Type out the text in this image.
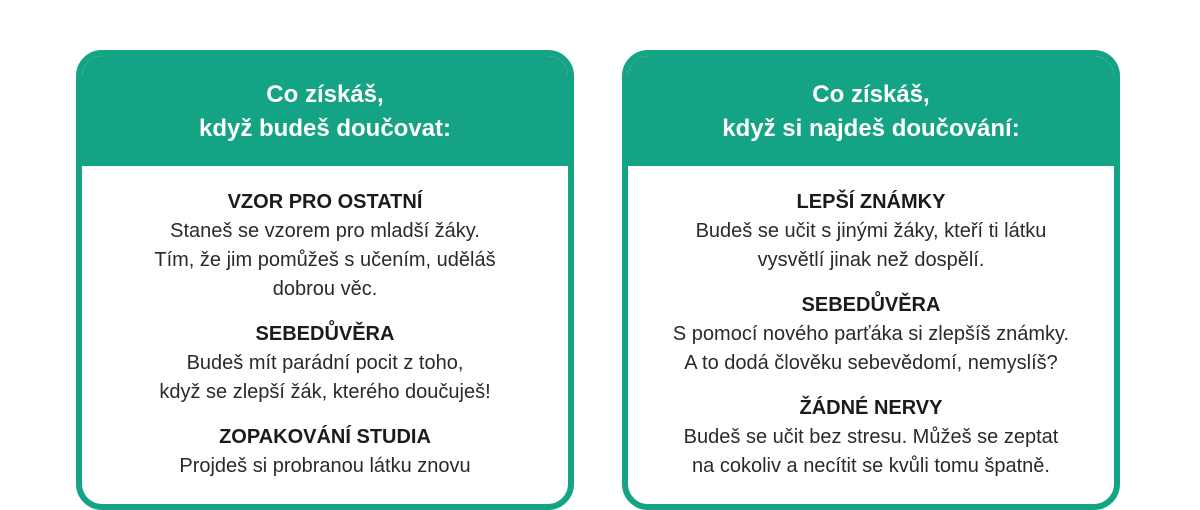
Co získáš,
když budeš doučovat:
VZOR PRO OSTATNÍ
Staneš se vzorem pro mladší žáky.
Tím, že jim pomůžeš s učením, uděláš
dobrou věc.
SEBEDŮVĚRA
Budeš mít parádní pocit z toho,
když se zlepší žák, kterého doučuješ!
ZOPAKOVÁNÍ STUDIA
Projdeš si probranou látku znovu
Co získáš,
když si najdeš doučování:
LEPŠÍ ZNÁMKY
Budeš se učit s jinými žáky, kteří ti látku
vysvětlí jinak než dospělí.
SEBEDŮVĚRA
S pomocí nového parťáka si zlepšíš známky.
A to dodá člověku sebevědomí, nemyslíš?
ŽÁDNÉ NERVY
Budeš se učit bez stresu. Můžeš se zeptat
na cokoliv a necítit se kvůli tomu špatně.
